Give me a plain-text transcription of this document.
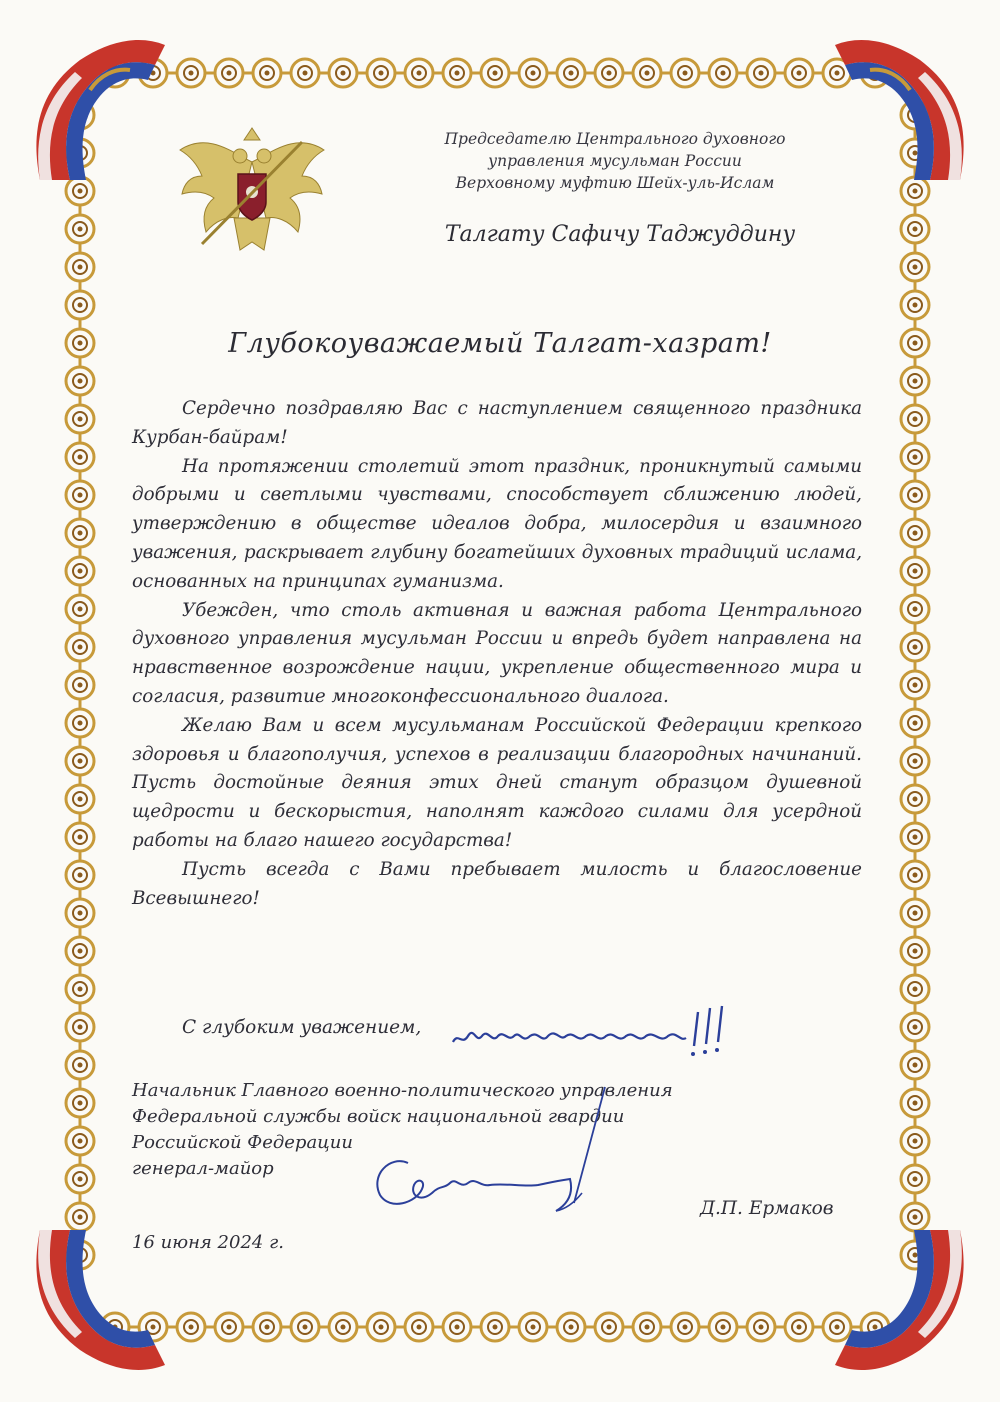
Председателю Центрального духовного
управления мусульман России
Верховному муфтию Шейх-уль-Ислам
Талгату Сафичу Таджуддину
Глубокоуважаемый Талгат-хазрат!

Сердечно поздравляю Вас с наступлением священного праздника Курбан-байрам!

На протяжении столетий этот праздник, проникнутый самыми добрыми и светлыми чувствами, способствует сближению людей, утверждению в обществе идеалов добра, милосердия и взаимного уважения, раскрывает глубину богатейших духовных традиций ислама, основанных на принципах гуманизма.

Убежден, что столь активная и важная работа Центрального духовного управления мусульман России и впредь будет направлена на нравственное возрождение нации, укрепление общественного мира и согласия, развитие многоконфессионального диалога.

Желаю Вам и всем мусульманам Российской Федерации крепкого здоровья и благополучия, успехов в реализации благородных начинаний. Пусть достойные деяния этих дней станут образцом душевной щедрости и бескорыстия, наполнят каждого силами для усердной работы на благо нашего государства!

Пусть всегда с Вами пребывает милость и благословение Всевышнего!

С глубоким уважением,
Начальник Главного военно-политического управления
Федеральной службы войск национальной гвардии
Российской Федерации
генерал-майор
Д.П. Ермаков
16 июня 2024 г.
